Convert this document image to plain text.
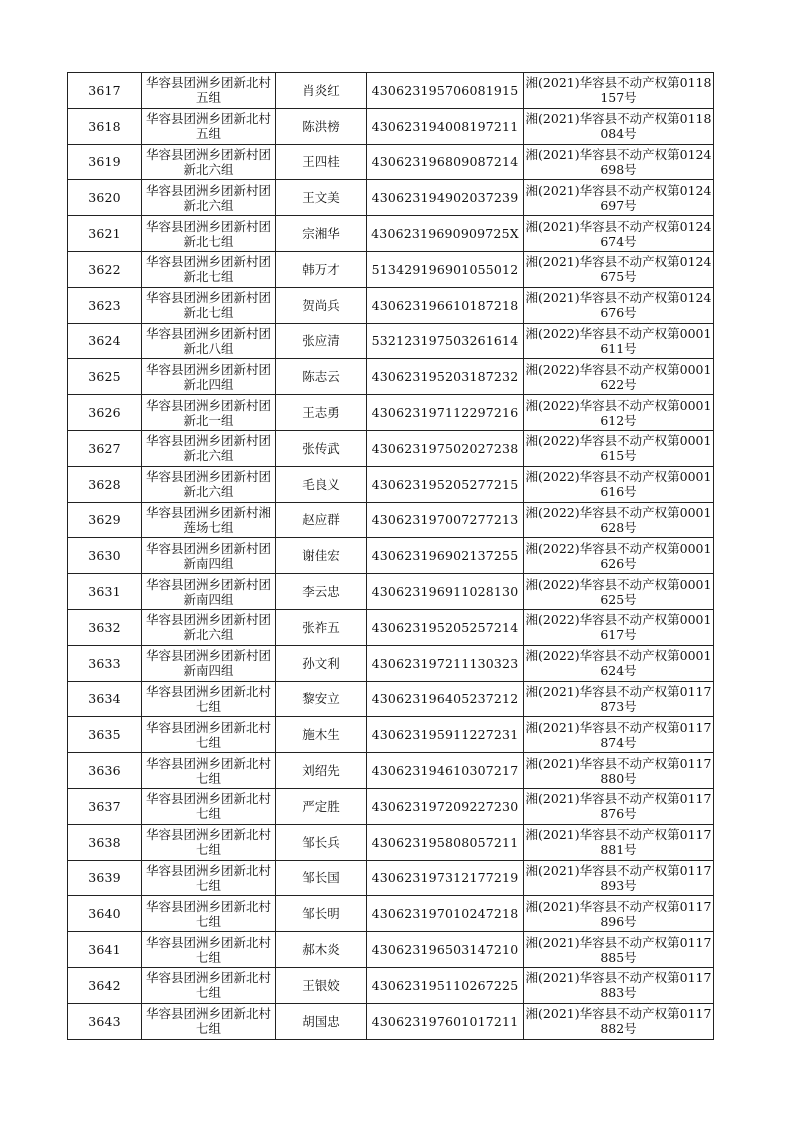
3617	华容县团洲乡团新北村五组	肖炎红	430623195706081915	湘(2021)华容县不动产权第0118157号
3618	华容县团洲乡团新北村五组	陈洪榜	430623194008197211	湘(2021)华容县不动产权第0118084号
3619	华容县团洲乡团新村团新北六组	王四桂	430623196809087214	湘(2021)华容县不动产权第0124698号
3620	华容县团洲乡团新村团新北六组	王文美	430623194902037239	湘(2021)华容县不动产权第0124697号
3621	华容县团洲乡团新村团新北七组	宗湘华	43062319690909725X	湘(2021)华容县不动产权第0124674号
3622	华容县团洲乡团新村团新北七组	韩万才	513429196901055012	湘(2021)华容县不动产权第0124675号
3623	华容县团洲乡团新村团新北七组	贺尚兵	430623196610187218	湘(2021)华容县不动产权第0124676号
3624	华容县团洲乡团新村团新北八组	张应清	532123197503261614	湘(2022)华容县不动产权第0001611号
3625	华容县团洲乡团新村团新北四组	陈志云	430623195203187232	湘(2022)华容县不动产权第0001622号
3626	华容县团洲乡团新村团新北一组	王志勇	430623197112297216	湘(2022)华容县不动产权第0001612号
3627	华容县团洲乡团新村团新北六组	张传武	430623197502027238	湘(2022)华容县不动产权第0001615号
3628	华容县团洲乡团新村团新北六组	毛良义	430623195205277215	湘(2022)华容县不动产权第0001616号
3629	华容县团洲乡团新村湘莲场七组	赵应群	430623197007277213	湘(2022)华容县不动产权第0001628号
3630	华容县团洲乡团新村团新南四组	谢佳宏	430623196902137255	湘(2022)华容县不动产权第0001626号
3631	华容县团洲乡团新村团新南四组	李云忠	430623196911028130	湘(2022)华容县不动产权第0001625号
3632	华容县团洲乡团新村团新北六组	张祚五	430623195205257214	湘(2022)华容县不动产权第0001617号
3633	华容县团洲乡团新村团新南四组	孙文利	430623197211130323	湘(2022)华容县不动产权第0001624号
3634	华容县团洲乡团新北村七组	黎安立	430623196405237212	湘(2021)华容县不动产权第0117873号
3635	华容县团洲乡团新北村七组	施木生	430623195911227231	湘(2021)华容县不动产权第0117874号
3636	华容县团洲乡团新北村七组	刘绍先	430623194610307217	湘(2021)华容县不动产权第0117880号
3637	华容县团洲乡团新北村七组	严定胜	430623197209227230	湘(2021)华容县不动产权第0117876号
3638	华容县团洲乡团新北村七组	邹长兵	430623195808057211	湘(2021)华容县不动产权第0117881号
3639	华容县团洲乡团新北村七组	邹长国	430623197312177219	湘(2021)华容县不动产权第0117893号
3640	华容县团洲乡团新北村七组	邹长明	430623197010247218	湘(2021)华容县不动产权第0117896号
3641	华容县团洲乡团新北村七组	郝木炎	430623196503147210	湘(2021)华容县不动产权第0117885号
3642	华容县团洲乡团新北村七组	王银姣	430623195110267225	湘(2021)华容县不动产权第0117883号
3643	华容县团洲乡团新北村七组	胡国忠	430623197601017211	湘(2021)华容县不动产权第0117882号
